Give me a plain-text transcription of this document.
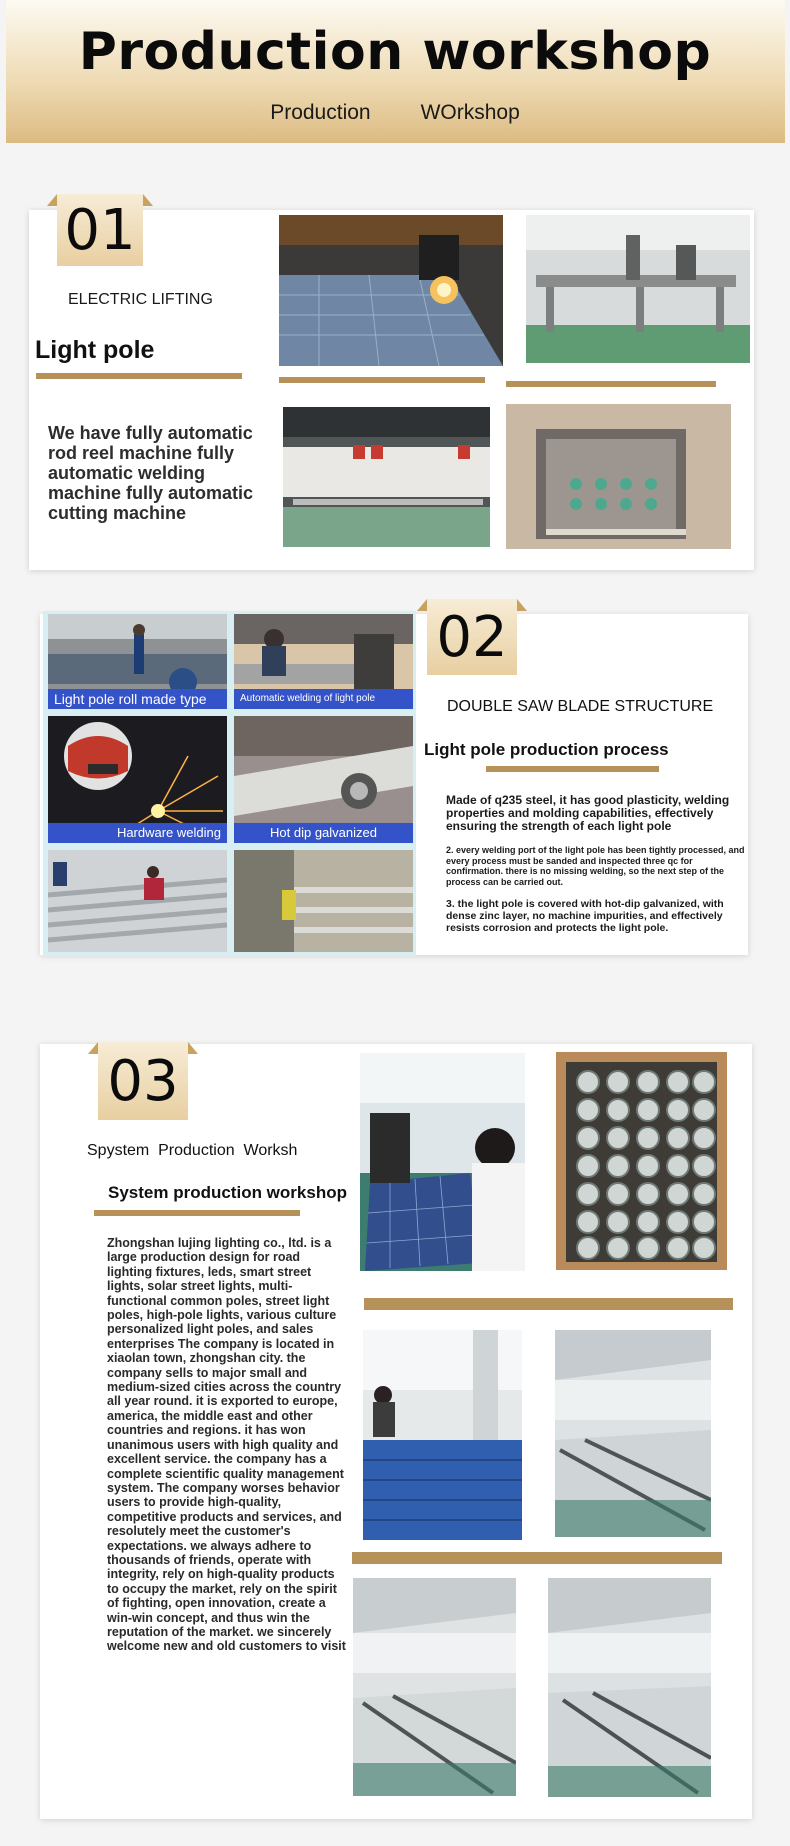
Production workshop
Production WOrkshop
01
ELECTRIC LIFTING
Light pole
We have fully automatic rod reel machine fully automatic welding machine fully automatic cutting machine
02
Light pole roll made type	Automatic welding of light pole
Hardware welding	Hot dip galvanized
DOUBLE SAW BLADE STRUCTURE
Light pole production process
Made of q235 steel, it has good plasticity, welding properties and molding capabilities, effectively ensuring the strength of each light pole
2. every welding port of the light pole has been tightly processed, and every process must be sanded and inspected three qc for confirmation. there is no missing welding, so the next step of the process can be carried out.
3. the light pole is covered with hot-dip galvanized, with dense zinc layer, no machine impurities, and effectively resists corrosion and protects the light pole.
03
Spystem  Production  Worksh
System production workshop
Zhongshan lujing lighting co., ltd. is a large production design for road lighting fixtures, leds, smart street lights, solar street lights, multi-functional common poles, street light poles, high-pole lights, various culture personalized light poles, and sales enterprises The company is located in xiaolan town, zhongshan city. the company sells to major small and medium-sized cities across the country all year round. it is exported to europe, america, the middle east and other countries and regions. it has won unanimous users with high quality and excellent service. the company has a complete scientific quality management system. The company worses behavior users to provide high-quality, competitive products and services, and resolutely meet the customer's expectations. we always adhere to thousands of friends, operate with integrity, rely on high-quality products to occupy the market, rely on the spirit of fighting, open innovation, create a win-win concept, and thus win the reputation of the market. we sincerely welcome new and old customers to visit
